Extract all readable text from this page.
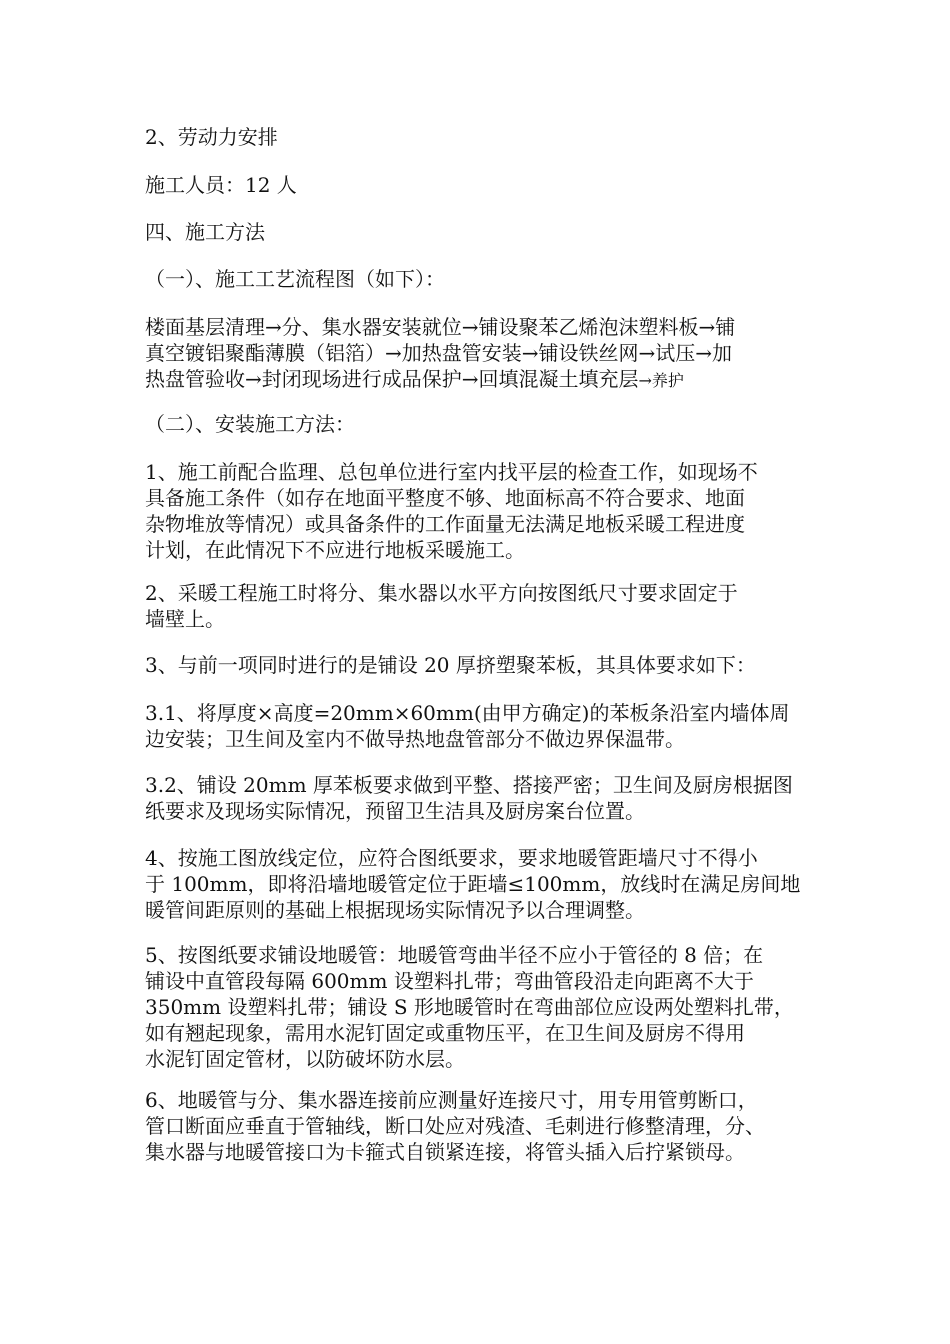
2、劳动力安排

施工人员：12 人

四、施工方法

（一）、施工工艺流程图（如下）：

楼面基层清理→分、集水器安装就位→铺设聚苯乙烯泡沫塑料板→铺
真空镀铝聚酯薄膜（铝箔）→加热盘管安装→铺设铁丝网→试压→加
热盘管验收→封闭现场进行成品保护→回填混凝土填充层→养护

（二）、安装施工方法：

1、施工前配合监理、总包单位进行室内找平层的检查工作，如现场不
具备施工条件（如存在地面平整度不够、地面标高不符合要求、地面
杂物堆放等情况）或具备条件的工作面量无法满足地板采暖工程进度
计划，在此情况下不应进行地板采暖施工。

2、采暖工程施工时将分、集水器以水平方向按图纸尺寸要求固定于
墙壁上。

3、与前一项同时进行的是铺设 20 厚挤塑聚苯板，其具体要求如下：

3.1、将厚度×高度=20mm×60mm(由甲方确定)的苯板条沿室内墙体周
边安装；卫生间及室内不做导热地盘管部分不做边界保温带。

3.2、铺设 20mm 厚苯板要求做到平整、搭接严密；卫生间及厨房根据图
纸要求及现场实际情况，预留卫生洁具及厨房案台位置。

4、按施工图放线定位，应符合图纸要求，要求地暖管距墙尺寸不得小
于 100mm，即将沿墙地暖管定位于距墙≤100mm，放线时在满足房间地
暖管间距原则的基础上根据现场实际情况予以合理调整。

5、按图纸要求铺设地暖管：地暖管弯曲半径不应小于管径的 8 倍；在
铺设中直管段每隔 600mm 设塑料扎带；弯曲管段沿走向距离不大于
350mm 设塑料扎带；铺设 S 形地暖管时在弯曲部位应设两处塑料扎带，
如有翘起现象，需用水泥钉固定或重物压平，在卫生间及厨房不得用
水泥钉固定管材，以防破坏防水层。

6、地暖管与分、集水器连接前应测量好连接尺寸，用专用管剪断口，
管口断面应垂直于管轴线，断口处应对残渣、毛刺进行修整清理，分、
集水器与地暖管接口为卡箍式自锁紧连接，将管头插入后拧紧锁母。
